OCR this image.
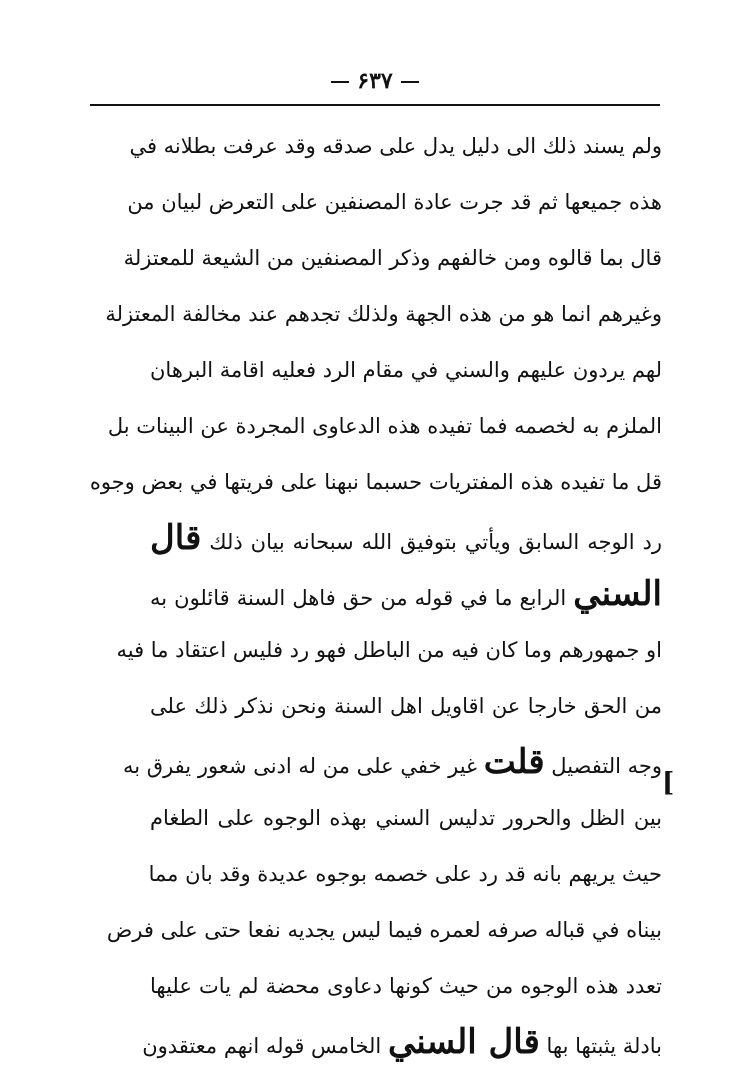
۶۳۷
ولم يسند ذلك الى دليل يدل على صدقه وقد عرفت بطلانه في
هذه جميعها ثم قد جرت عادة المصنفين على التعرض لبيان من
قال بما قالوه ومن خالفهم وذكر المصنفين من الشيعة للمعتزلة
وغيرهم انما هو من هذه الجهة ولذلك تجدهم عند مخالفة المعتزلة
لهم يردون عليهم والسني في مقام الرد فعليه اقامة البرهان
الملزم به لخصمه فما تفيده هذه الدعاوى المجردة عن البينات بل
قل ما تفيده هذه المفتريات حسبما نبهنا على فريتها في بعض وجوه
رد الوجه السابق ويأتي بتوفيق الله سبحانه بيان ذلك قال
السني الرابع ما في قوله من حق فاهل السنة قائلون به
او جمهورهم وما كان فيه من الباطل فهو رد فليس اعتقاد ما فيه
من الحق خارجا عن اقاويل اهل السنة ونحن نذكر ذلك على
وجه التفصيل قلت غير خفي على من له ادنى شعور يفرق به
بين الظل والحرور تدليس السني بهذه الوجوه على الطغام
حيث يريهم بانه قد رد على خصمه بوجوه عديدة وقد بان مما
بيناه في قباله صرفه لعمره فيما ليس يجديه نفعا حتى على فرض
تعدد هذه الوجوه من حيث كونها دعاوى محضة لم يات عليها
بادلة يثبتها بها قال السني الخامس قوله انهم معتقدون
[
